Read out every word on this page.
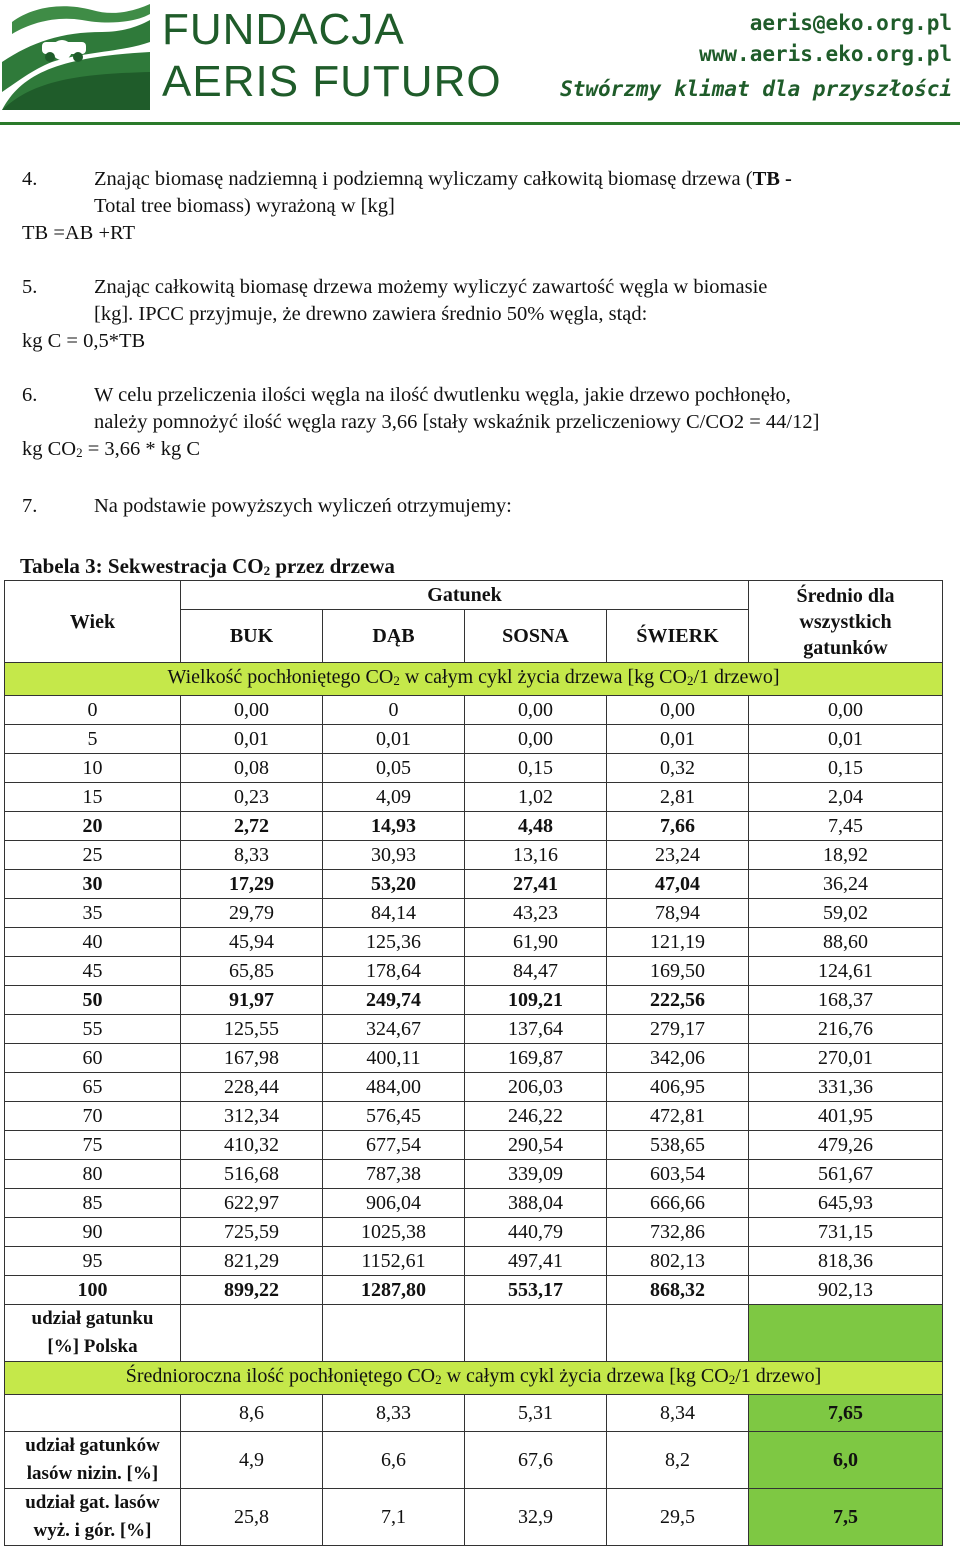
FUNDACJA
AERIS FUTURO
aeris@eko.org.pl
www.aeris.eko.org.pl
Stwórzmy klimat dla przyszłości
4.	Znając biomasę nadziemną i podziemną wyliczamy całkowitą biomasę drzewa (TB -
Total tree biomass) wyrażoną w [kg]
TB =AB +RT
5.	Znając całkowitą biomasę drzewa możemy wyliczyć zawartość węgla w biomasie
[kg]. IPCC przyjmuje, że drewno zawiera średnio 50% węgla, stąd:
kg C = 0,5*TB
6.	W celu przeliczenia ilości węgla na ilość dwutlenku węgla, jakie drzewo pochłonęło,
należy pomnożyć ilość węgla razy 3,66 [stały wskaźnik przeliczeniowy C/CO2 = 44/12]
kg $CO_2 = 3,66$ * kg C
7.	Na podstawie powyższych wyliczeń otrzymujemy:
Tabela 3: Sekwestracja $CO_2$ przez drzewa
Wiek	Gatunek				Średnio dla
wszystkich
gatunków

	BUK	DĄB	SOSNA	ŚWIERK	
Wielkość pochłoniętego $CO_2$ w całym cykl życia drzewa [kg $CO_2/1$ drzewo]					
0	0,00	0	0,00	0,00	0,00
5	0,01	0,01	0,00	0,01	0,01
10	0,08	0,05	0,15	0,32	0,15
15	0,23	4,09	1,02	2,81	2,04
20	2,72	14,93	4,48	7,66	7,45
25	8,33	30,93	13,16	23,24	18,92
30	17,29	53,20	27,41	47,04	36,24
35	29,79	84,14	43,23	78,94	59,02
40	45,94	125,36	61,90	121,19	88,60
45	65,85	178,64	84,47	169,50	124,61
50	91,97	249,74	109,21	222,56	168,37
55	125,55	324,67	137,64	279,17	216,76
60	167,98	400,11	169,87	342,06	270,01
65	228,44	484,00	206,03	406,95	331,36
70	312,34	576,45	246,22	472,81	401,95
75	410,32	677,54	290,54	538,65	479,26
80	516,68	787,38	339,09	603,54	561,67
85	622,97	906,04	388,04	666,66	645,93
90	725,59	1025,38	440,79	732,86	731,15
95	821,29	1152,61	497,41	802,13	818,36
100	899,22	1287,80	553,17	868,32	902,13

udział gatunku
[%] Polska					

Średnioroczna ilość pochłoniętego $CO_2$ w całym cykl życia drzewa [kg $CO_2/1$ drzewo]					

	8,6	8,33	5,31	8,34	7,65

udział gatunków
lasów nizin. [%]	4,9	6,6	67,6	8,2	6,0

udział gat. lasów
wyż. i gór. [%]	25,8	7,1	32,9	29,5	7,5
